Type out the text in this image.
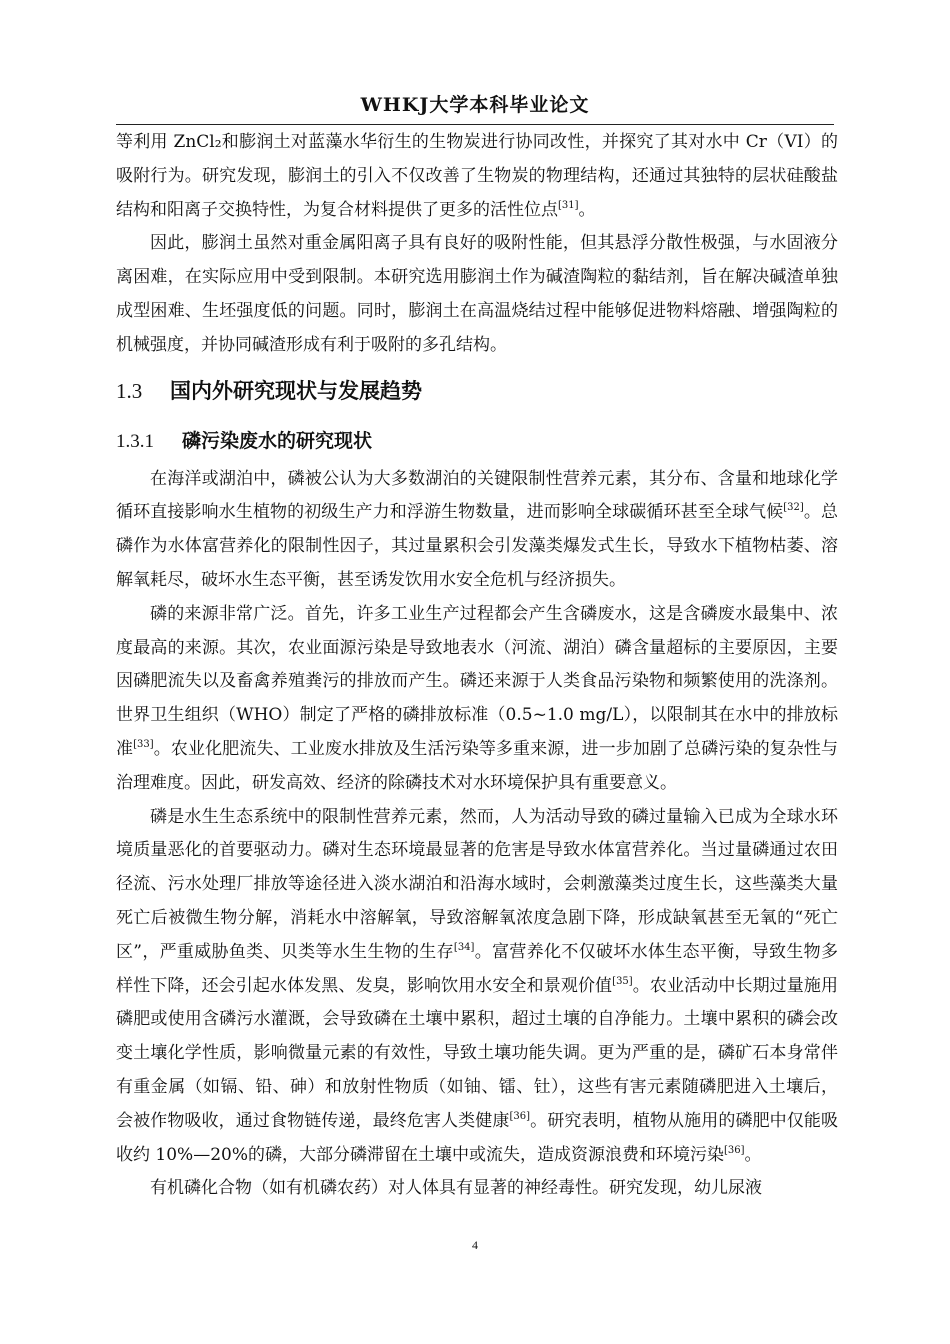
WHKJ大学本科毕业论文

等利用 ZnCl₂和膨润土对蓝藻水华衍生的生物炭进行协同改性，并探究了其对水中 Cr（VI）的吸附行为。研究发现，膨润土的引入不仅改善了生物炭的物理结构，还通过其独特的层状硅酸盐结构和阳离子交换特性，为复合材料提供了更多的活性位点[31]。

因此，膨润土虽然对重金属阳离子具有良好的吸附性能，但其悬浮分散性极强，与水固液分离困难，在实际应用中受到限制。本研究选用膨润土作为碱渣陶粒的黏结剂，旨在解决碱渣单独成型困难、生坯强度低的问题。同时，膨润土在高温烧结过程中能够促进物料熔融、增强陶粒的机械强度，并协同碱渣形成有利于吸附的多孔结构。

1.3 国内外研究现状与发展趋势
1.3.1 磷污染废水的研究现状

在海洋或湖泊中，磷被公认为大多数湖泊的关键限制性营养元素，其分布、含量和地球化学循环直接影响水生植物的初级生产力和浮游生物数量，进而影响全球碳循环甚至全球气候[32]。总磷作为水体富营养化的限制性因子，其过量累积会引发藻类爆发式生长，导致水下植物枯萎、溶解氧耗尽，破坏水生态平衡，甚至诱发饮用水安全危机与经济损失。

磷的来源非常广泛。首先，许多工业生产过程都会产生含磷废水，这是含磷废水最集中、浓度最高的来源。其次，农业面源污染是导致地表水（河流、湖泊）磷含量超标的主要原因，主要因磷肥流失以及畜禽养殖粪污的排放而产生。磷还来源于人类食品污染物和频繁使用的洗涤剂。世界卫生组织（WHO）制定了严格的磷排放标准（0.5~1.0 mg/L），以限制其在水中的排放标准[33]。农业化肥流失、工业废水排放及生活污染等多重来源，进一步加剧了总磷污染的复杂性与治理难度。因此，研发高效、经济的除磷技术对水环境保护具有重要意义。

磷是水生生态系统中的限制性营养元素，然而，人为活动导致的磷过量输入已成为全球水环境质量恶化的首要驱动力。磷对生态环境最显著的危害是导致水体富营养化。当过量磷通过农田径流、污水处理厂排放等途径进入淡水湖泊和沿海水域时，会刺激藻类过度生长，这些藻类大量死亡后被微生物分解，消耗水中溶解氧，导致溶解氧浓度急剧下降，形成缺氧甚至无氧的“死亡区”，严重威胁鱼类、贝类等水生生物的生存[34]。富营养化不仅破坏水体生态平衡，导致生物多样性下降，还会引起水体发黑、发臭，影响饮用水安全和景观价值[35]。农业活动中长期过量施用磷肥或使用含磷污水灌溉，会导致磷在土壤中累积，超过土壤的自净能力。土壤中累积的磷会改变土壤化学性质，影响微量元素的有效性，导致土壤功能失调。更为严重的是，磷矿石本身常伴有重金属（如镉、铅、砷）和放射性物质（如铀、镭、钍），这些有害元素随磷肥进入土壤后，会被作物吸收，通过食物链传递，最终危害人类健康[36]。研究表明，植物从施用的磷肥中仅能吸收约 10%—20%的磷，大部分磷滞留在土壤中或流失，造成资源浪费和环境污染[36]。

有机磷化合物（如有机磷农药）对人体具有显著的神经毒性。研究发现，幼儿尿液

4
